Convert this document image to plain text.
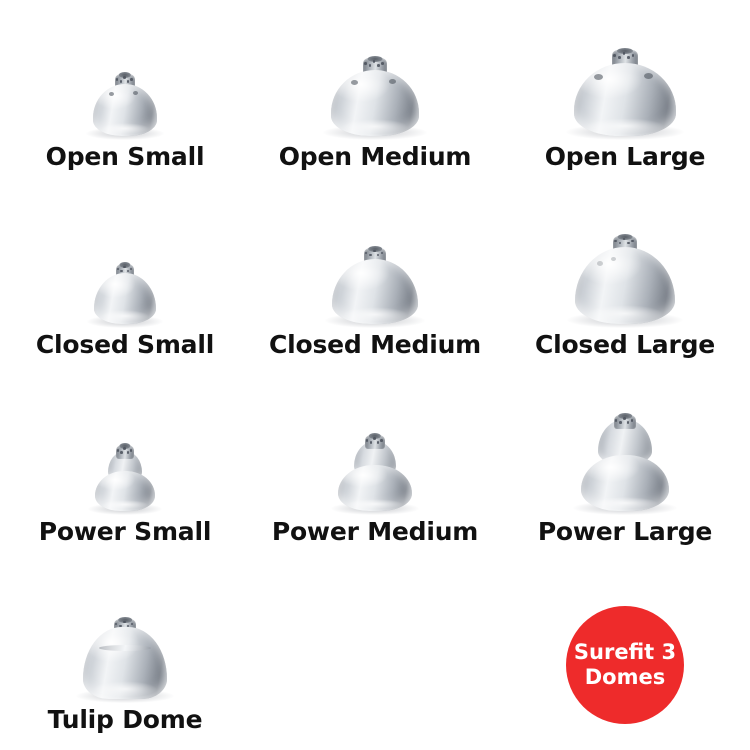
Open Small	Open Medium	Open Large
Closed Small Closed Medium Closed Large
Power Small Power Medium Power Large
Tulip Dome
Surefit 3
Domes
